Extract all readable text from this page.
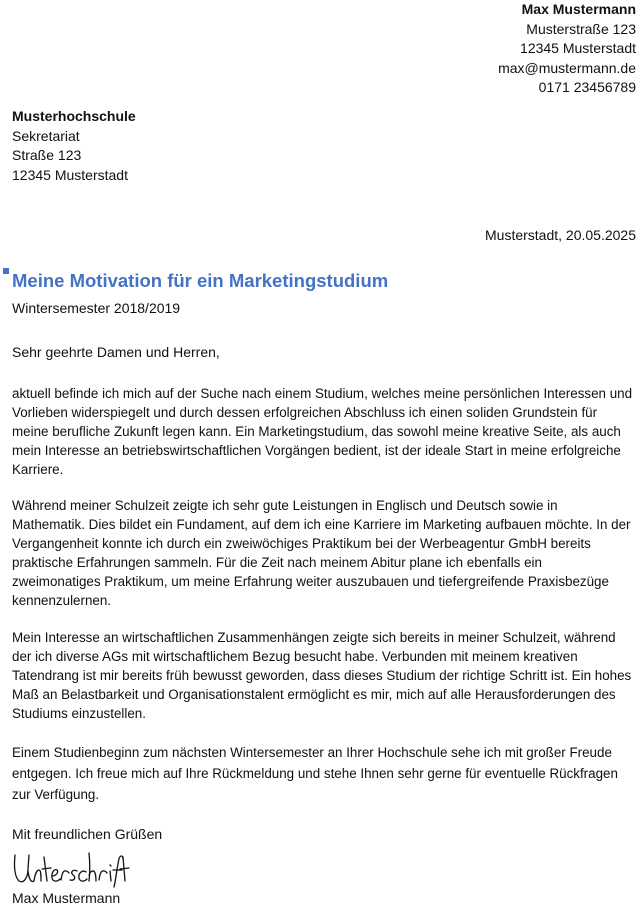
Max Mustermann
Musterstraße 123
12345 Musterstadt
max@mustermann.de
0171 23456789
Musterhochschule
Sekretariat
Straße 123
12345 Musterstadt
Musterstadt, 20.05.2025
Meine Motivation für ein Marketingstudium
Wintersemester 2018/2019
Sehr geehrte Damen und Herren,

aktuell befinde ich mich auf der Suche nach einem Studium, welches meine persönlichen Interessen und Vorlieben widerspiegelt und durch dessen erfolgreichen Abschluss ich einen soliden Grundstein für meine berufliche Zukunft legen kann. Ein Marketingstudium, das sowohl meine kreative Seite, als auch mein Interesse an betriebswirtschaftlichen Vorgängen bedient, ist der ideale Start in meine erfolgreiche Karriere.

Während meiner Schulzeit zeigte ich sehr gute Leistungen in Englisch und Deutsch sowie in Mathematik. Dies bildet ein Fundament, auf dem ich eine Karriere im Marketing aufbauen möchte. In der Vergangenheit konnte ich durch ein zweiwöchiges Praktikum bei der Werbeagentur GmbH bereits praktische Erfahrungen sammeln. Für die Zeit nach meinem Abitur plane ich ebenfalls ein zweimonatiges Praktikum, um meine Erfahrung weiter auszubauen und tiefergreifende Praxisbezüge kennenzulernen.

Mein Interesse an wirtschaftlichen Zusammenhängen zeigte sich bereits in meiner Schulzeit, während der ich diverse AGs mit wirtschaftlichem Bezug besucht habe. Verbunden mit meinem kreativen Tatendrang ist mir bereits früh bewusst geworden, dass dieses Studium der richtige Schritt ist. Ein hohes Maß an Belastbarkeit und Organisationstalent ermöglicht es mir, mich auf alle Herausforderungen des Studiums einzustellen.

Einem Studienbeginn zum nächsten Wintersemester an Ihrer Hochschule sehe ich mit großer Freude entgegen. Ich freue mich auf Ihre Rückmeldung und stehe Ihnen sehr gerne für eventuelle Rückfragen zur Verfügung.

Mit freundlichen Grüßen
Max Mustermann
